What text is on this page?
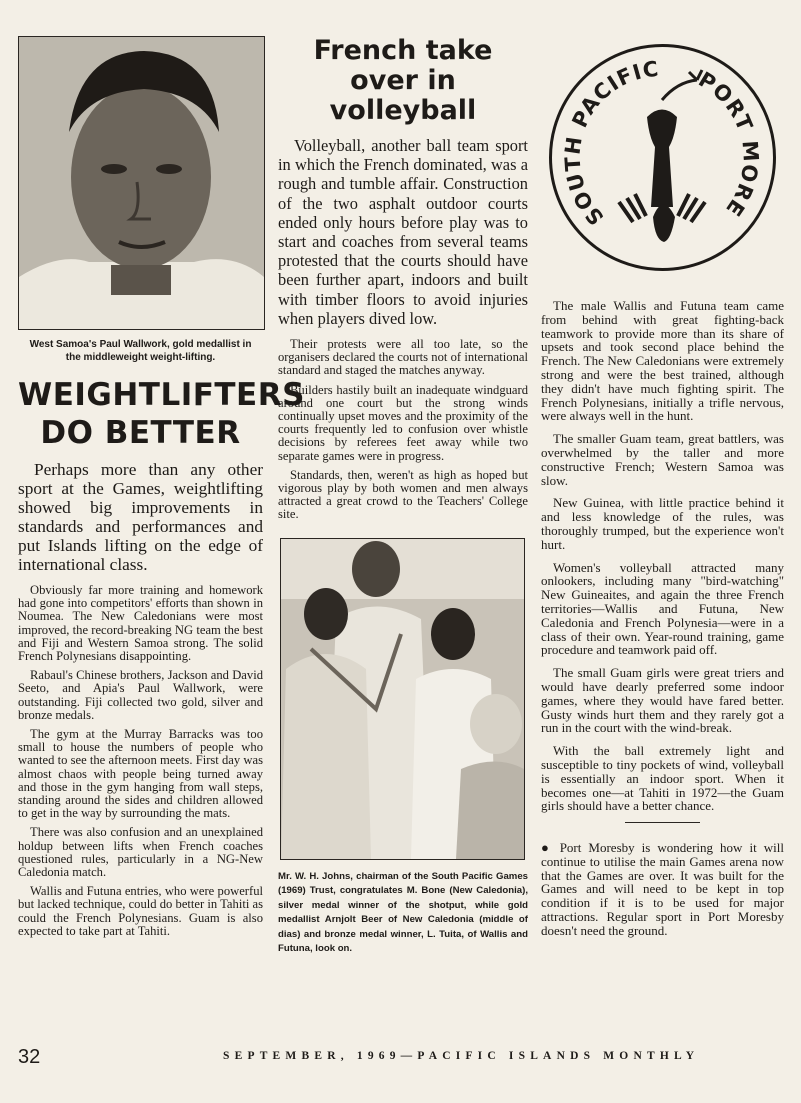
West Samoa's Paul Wallwork, gold medallist in the middleweight weight-lifting.
WEIGHTLIFTERS DO BETTER

Perhaps more than any other sport at the Games, weightlifting showed big improvements in standards and performances and put Islands lifting on the edge of international class.

Obviously far more training and homework had gone into competitors' efforts than shown in Noumea. The New Caledonians were most improved, the record-breaking NG team the best and Fiji and Western Samoa strong. The solid French Polynesians disappointing.

Rabaul's Chinese brothers, Jackson and David Seeto, and Apia's Paul Wallwork, were outstanding. Fiji collected two gold, silver and bronze medals.

The gym at the Murray Barracks was too small to house the numbers of people who wanted to see the afternoon meets. First day was almost chaos with people being turned away and those in the gym hanging from wall steps, standing around the sides and children allowed to get in the way by surrounding the mats.

There was also confusion and an unexplained holdup between lifts when French coaches questioned rules, particularly in a NG-New Caledonia match.

Wallis and Futuna entries, who were powerful but lacked technique, could do better in Tahiti as could the French Polynesians. Guam is also expected to take part at Tahiti.

French take over in volleyball

Volleyball, another ball team sport in which the French dominated, was a rough and tumble affair. Construction of the two asphalt outdoor courts ended only hours before play was to start and coaches from several teams protested that the courts should have been further apart, indoors and built with timber floors to avoid injuries when players dived low.

Their protests were all too late, so the organisers declared the courts not of international standard and staged the matches anyway.

Builders hastily built an inadequate windguard around one court but the strong winds continually upset moves and the proximity of the courts frequently led to confusion over whistle decisions by referees feet away while two separate games were in progress.

Standards, then, weren't as high as hoped but vigorous play by both women and men always attracted a great crowd to the Teachers' College site.

Mr. W. H. Johns, chairman of the South Pacific Games (1969) Trust, congratulates M. Bone (New Caledonia), silver medal winner of the shotput, while gold medallist Arnjolt Beer of New Caledonia (middle of dias) and bronze medal winner, L. Tuita, of Wallis and Futuna, look on.
SOUTH PACIFIC	PORT MORE

The male Wallis and Futuna team came from behind with great fighting-back teamwork to provide more than its share of upsets and took second place behind the French. The New Caledonians were extremely strong and were the best trained, although they didn't have much fighting spirit. The French Polynesians, initially a trifle nervous, were always well in the hunt.

The smaller Guam team, great battlers, was overwhelmed by the taller and more constructive French; Western Samoa was slow.

New Guinea, with little practice behind it and less knowledge of the rules, was thoroughly trumped, but the experience won't hurt.

Women's volleyball attracted many onlookers, including many "bird-watching" New Guineaites, and again the three French territories—Wallis and Futuna, New Caledonia and French Polynesia—were in a class of their own. Year-round training, game procedure and teamwork paid off.

The small Guam girls were great triers and would have dearly preferred some indoor games, where they would have fared better. Gusty winds hurt them and they rarely got a run in the court with the wind-break.

With the ball extremely light and susceptible to tiny pockets of wind, volleyball is essentially an indoor sport. When it becomes one—at Tahiti in 1972—the Guam girls should have a better chance.

● Port Moresby is wondering how it will continue to utilise the main Games arena now that the Games are over. It was built for the Games and will need to be kept in top condition if it is to be used for major attractions. Regular sport in Port Moresby doesn't need the ground.

32	SEPTEMBER, 1969—PACIFIC ISLANDS MONTHLY
